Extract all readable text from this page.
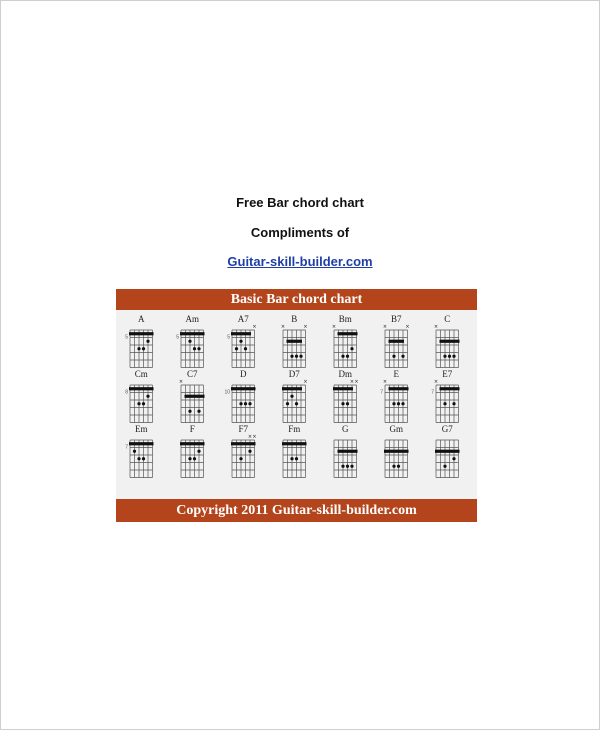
Free Bar chord chart
Compliments of
Guitar-skill-builder.com
Basic Bar chord chart
A
5
Am
5
A7
5
×
B
×	×
Bm
×
B7
×	×
C
×
Cm
8
C7
×
D
10
D7
×
Dm
× ×
E
7
×
E7
7
×
Em
7
F	F7
× ×
Fm	G	Gm	G7
Copyright 2011 Guitar-skill-builder.com
